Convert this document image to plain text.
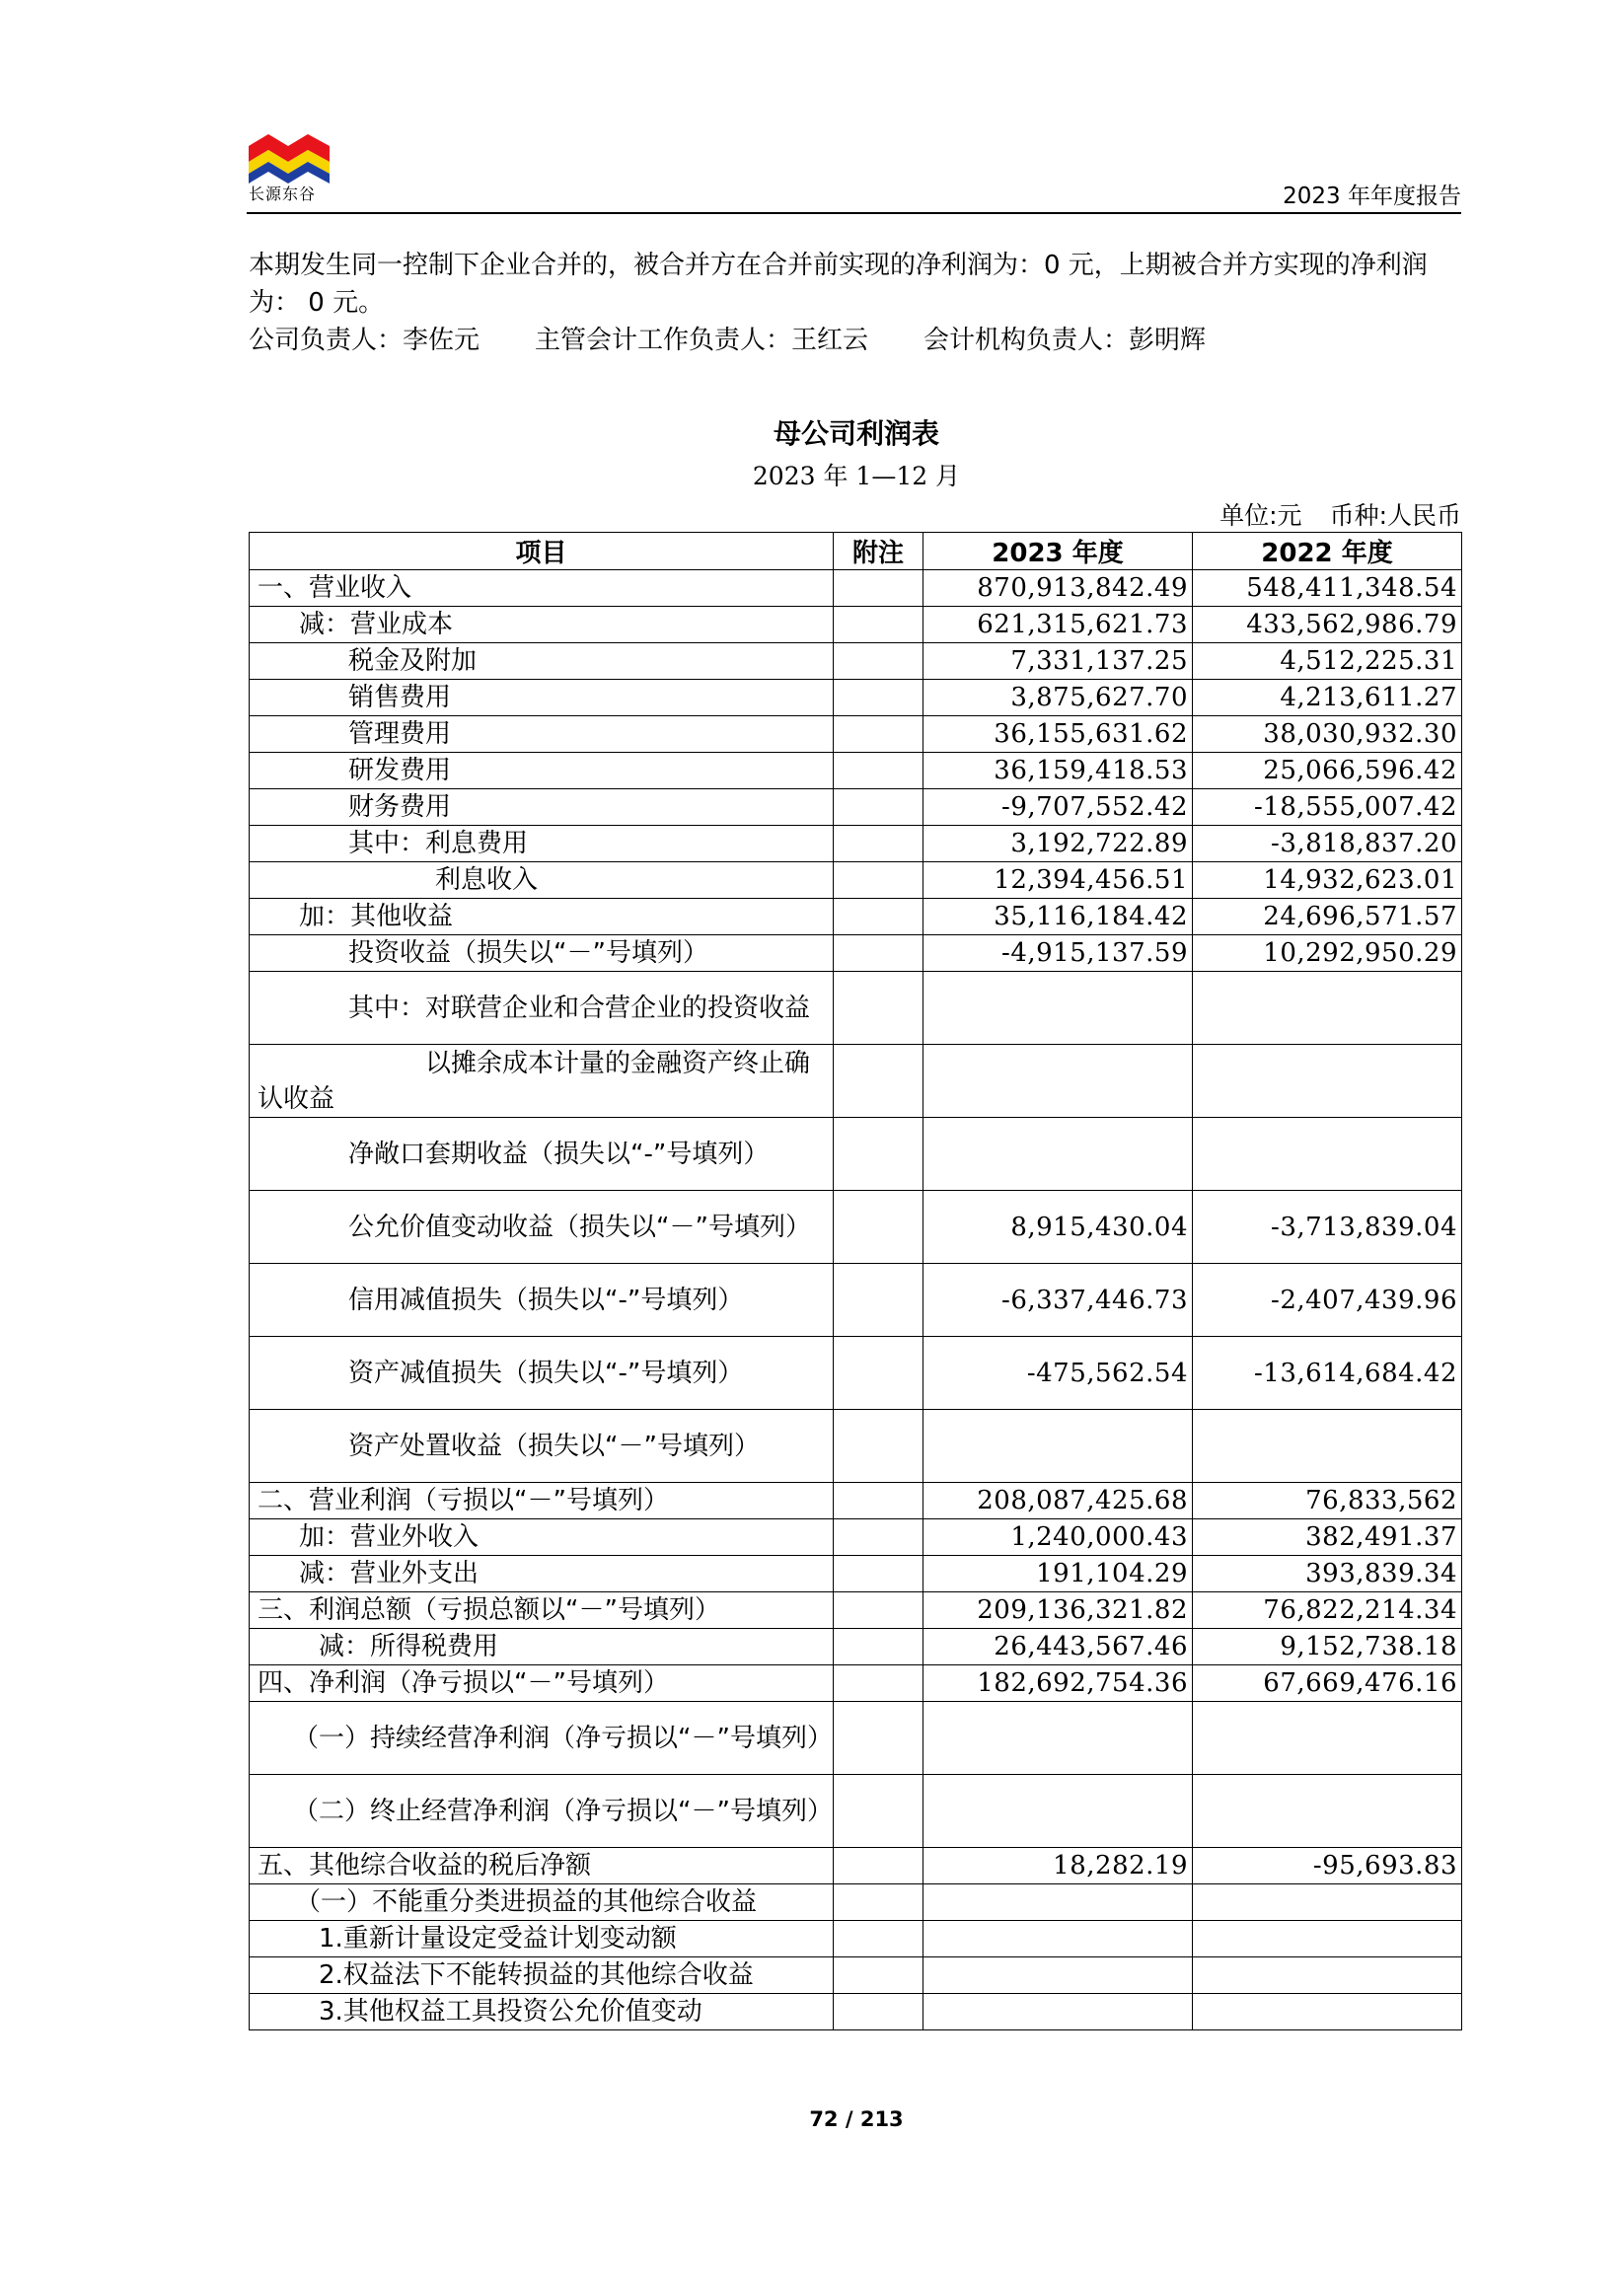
长源东谷	2023 年年度报告

本期发生同一控制下企业合并的，被合并方在合并前实现的净利润为：0 元，上期被合并方实现的净利润为： 0 元。

公司负责人：李佐元 主管会计工作负责人：王红云 会计机构负责人：彭明辉

母公司利润表
2023 年 1—12 月
单位:元 币种:人民币
项目	附注	2023 年度	2022 年度
一、营业收入		870,913,842.49	548,411,348.54
减：营业成本		621,315,621.73	433,562,986.79
税金及附加		7,331,137.25	4,512,225.31
销售费用		3,875,627.70	4,213,611.27
管理费用		36,155,631.62	38,030,932.30
研发费用		36,159,418.53	25,066,596.42
财务费用		-9,707,552.42	-18,555,007.42
其中：利息费用		3,192,722.89	-3,818,837.20
利息收入		12,394,456.51	14,932,623.01
加：其他收益		35,116,184.42	24,696,571.57
投资收益（损失以“－”号填列）		-4,915,137.59	10,292,950.29
其中：对联营企业和合营企业的投资收益			
以摊余成本计量的金融资产终止确认收益			
净敞口套期收益（损失以“-”号填列）			
公允价值变动收益（损失以“－”号填列）		8,915,430.04	-3,713,839.04
信用减值损失（损失以“-”号填列）		-6,337,446.73	-2,407,439.96
资产减值损失（损失以“-”号填列）		-475,562.54	-13,614,684.42
资产处置收益（损失以“－”号填列）			
二、营业利润（亏损以“－”号填列）		208,087,425.68	76,833,562
加：营业外收入		1,240,000.43	382,491.37
减：营业外支出		191,104.29	393,839.34
三、利润总额（亏损总额以“－”号填列）		209,136,321.82	76,822,214.34
减：所得税费用		26,443,567.46	9,152,738.18
四、净利润（净亏损以“－”号填列）		182,692,754.36	67,669,476.16
（一）持续经营净利润（净亏损以“－”号填列）			
（二）终止经营净利润（净亏损以“－”号填列）			
五、其他综合收益的税后净额		18,282.19	-95,693.83
（一）不能重分类进损益的其他综合收益			
1.重新计量设定受益计划变动额			
2.权益法下不能转损益的其他综合收益			
3.其他权益工具投资公允价值变动			
72 / 213
